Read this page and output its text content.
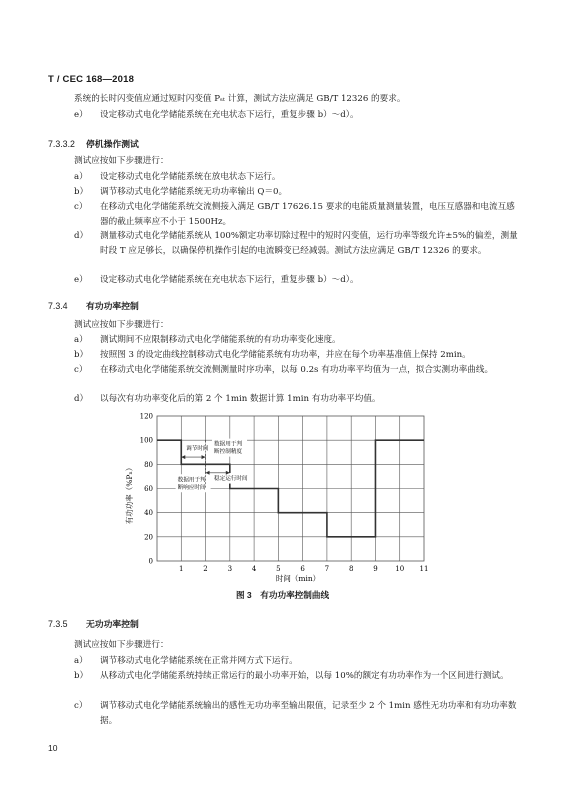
T / CEC 168—2018
系统的长时闪变值应通过短时闪变值 Pₛₜ 计算，测试方法应满足 GB/T 12326 的要求。
e） 设定移动式电化学储能系统在充电状态下运行，重复步骤 b）～d）。
7.3.3.2 停机操作测试
测试应按如下步骤进行：
a） 设定移动式电化学储能系统在放电状态下运行。
b） 调节移动式电化学储能系统无功功率输出 Q＝0。
c） 在移动式电化学储能系统交流侧接入满足 GB/T 17626.15 要求的电能质量测量装置，电压互感器和电流互感器的截止频率应不小于 1500Hz。
d） 测量移动式电化学储能系统从 100%额定功率切除过程中的短时闪变值，运行功率等级允许±5%的偏差，测量时段 T 应足够长，以确保停机操作引起的电流瞬变已经减弱。测试方法应满足 GB/T 12326 的要求。
e） 设定移动式电化学储能系统在充电状态下运行，重复步骤 b）～d）。
7.3.4 有功功率控制
测试应按如下步骤进行：
a） 测试期间不应限制移动式电化学储能系统的有功功率变化速度。
b） 按照图 3 的设定曲线控制移动式电化学储能系统有功功率，并应在每个功率基准值上保持 2min。
c） 在移动式电化学储能系统交流侧测量时序功率，以每 0.2s 有功功率平均值为一点，拟合实测功率曲线。
d） 以每次有功功率变化后的第 2 个 1min 数据计算 1min 有功功率平均值。
1	2	3	4	5	6	7	8	9	10 11
0
20
40
60
80
100
120
调节时间
数据用于判
断控制精度
数据用于判
断响应时间
稳定运行时间
有功功率（%Pₙ）
时间（min）
图 3　有功功率控制曲线
7.3.5 无功功率控制
测试应按如下步骤进行：
a） 调节移动式电化学储能系统在正常并网方式下运行。
b） 从移动式电化学储能系统持续正常运行的最小功率开始，以每 10%的额定有功功率作为一个区间进行测试。
c） 调节移动式电化学储能系统输出的感性无功功率至输出限值，记录至少 2 个 1min 感性无功功率和有功功率数据。
10
